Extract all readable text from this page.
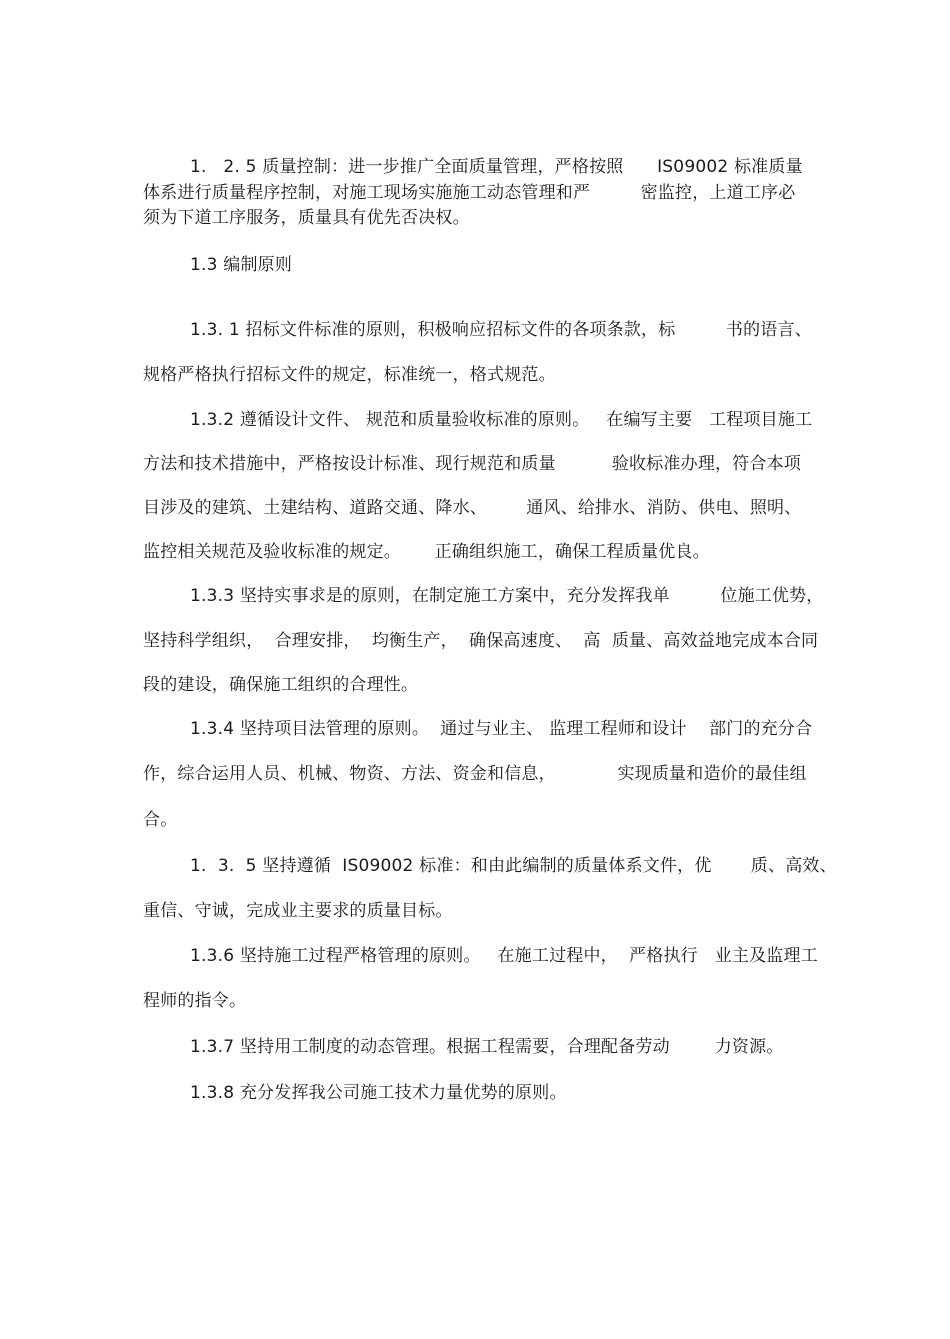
1.   2. 5 质量控制：进一步推广全面质量管理，严格按照      IS09002 标准质量
体系进行质量程序控制，对施工现场实施施工动态管理和严         密监控，上道工序必
须为下道工序服务，质量具有优先否决权。
1.3 编制原则
1.3. 1 招标文件标准的原则，积极响应招标文件的各项条款，标         书的语言、
规格严格执行招标文件的规定，标准统一，格式规范。
1.3.2 遵循设计文件、 规范和质量验收标准的原则。   在编写主要   工程项目施工
方法和技术措施中，严格按设计标准、现行规范和质量          验收标准办理，符合本项
目涉及的建筑、土建结构、道路交通、降水、       通风、给排水、消防、供电、照明、
监控相关规范及验收标准的规定。      正确组织施工，确保工程质量优良。
1.3.3 坚持实事求是的原则，在制定施工方案中，充分发挥我单         位施工优势，
坚持科学组织，  合理安排，  均衡生产，  确保高速度、  高  质量、高效益地完成本合同
段的建设，确保施工组织的合理性。
1.3.4 坚持项目法管理的原则。  通过与业主、 监理工程师和设计    部门的充分合
作，综合运用人员、机械、物资、方法、资金和信息，           实现质量和造价的最佳组
合。
1.  3.  5 坚持遵循  IS09002 标准：和由此编制的质量体系文件，优       质、高效、
重信、守诚，完成业主要求的质量目标。
1.3.6 坚持施工过程严格管理的原则。   在施工过程中，  严格执行   业主及监理工
程师的指令。
1.3.7 坚持用工制度的动态管理。根据工程需要，合理配备劳动        力资源。
1.3.8 充分发挥我公司施工技术力量优势的原则。
